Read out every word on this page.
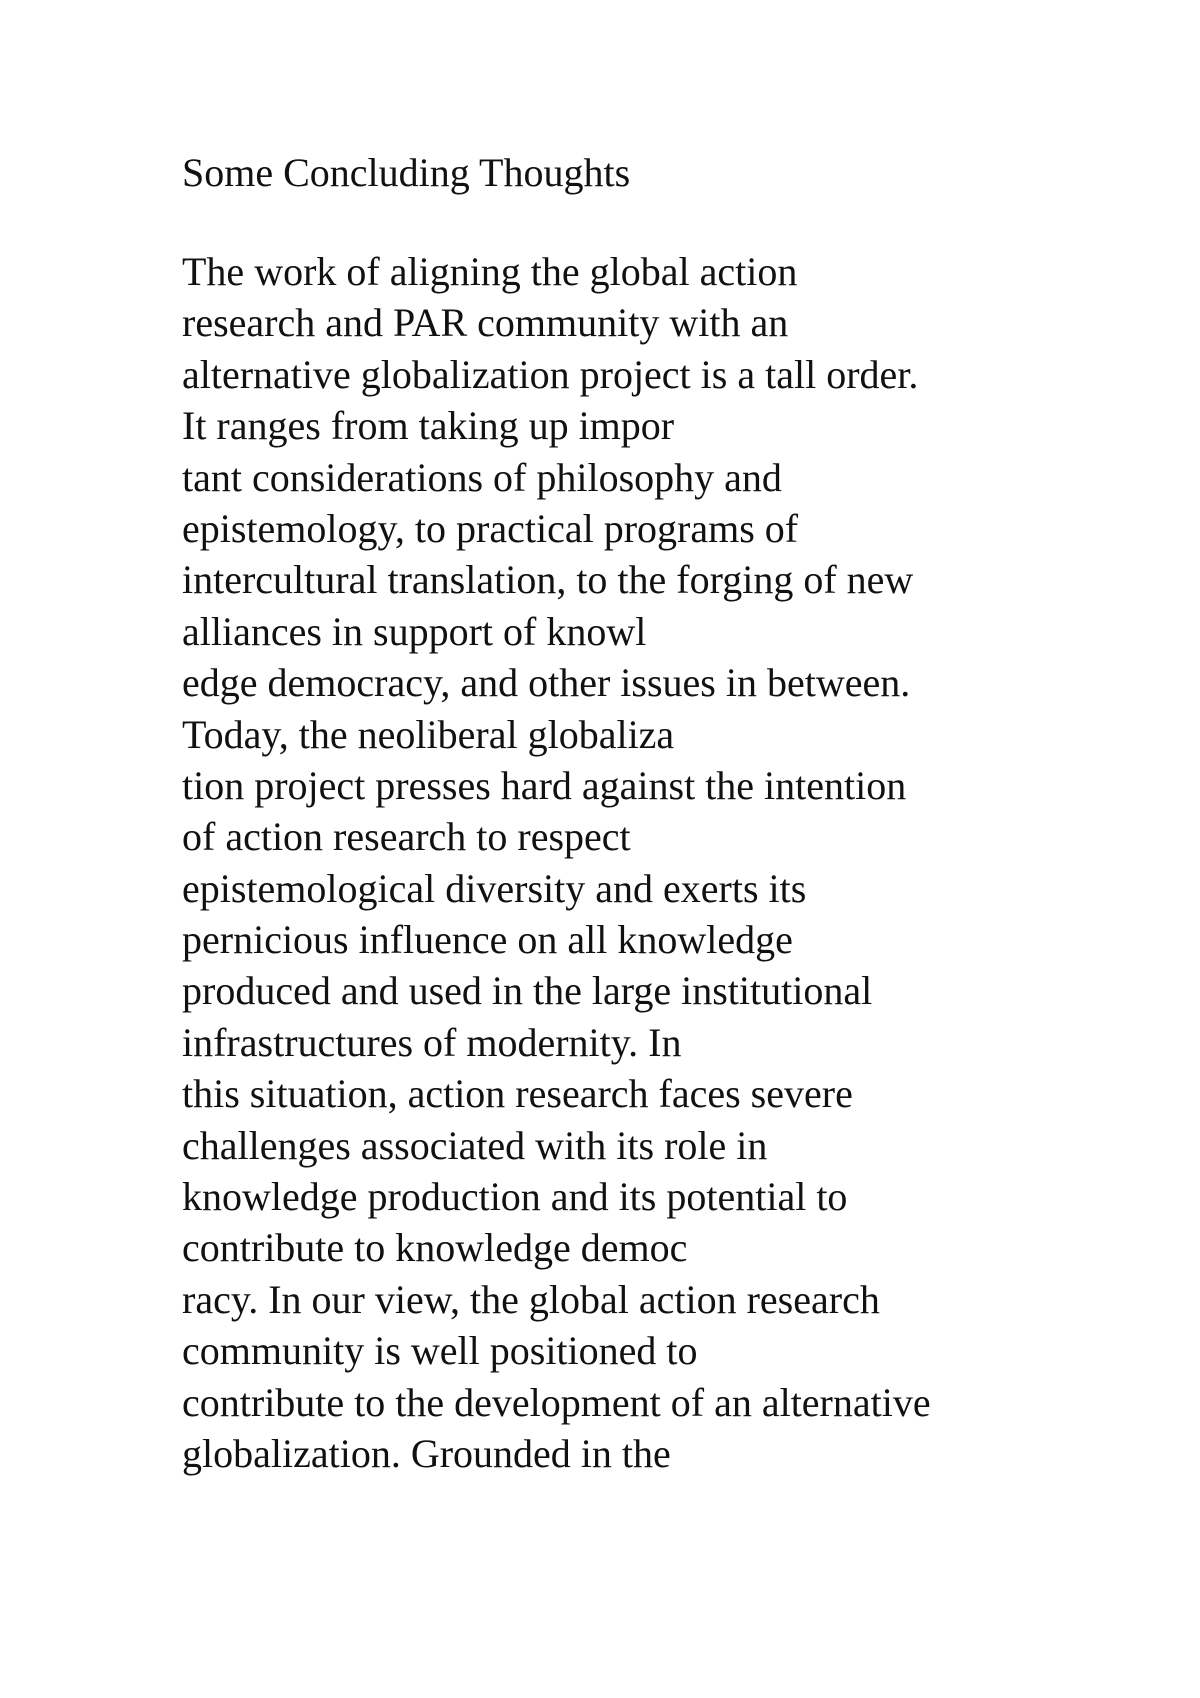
Some Concluding Thoughts
The work of aligning the global action
research and PAR community with an
alternative globalization project is a tall order.
It ranges from taking up impor
tant considerations of philosophy and
epistemology, to practical programs of
intercultural translation, to the forging of new
alliances in support of knowl
edge democracy, and other issues in between.
Today, the neoliberal globaliza
tion project presses hard against the intention
of action research to respect
epistemological diversity and exerts its
pernicious influence on all knowledge
produced and used in the large institutional
infrastructures of modernity. In
this situation, action research faces severe
challenges associated with its role in
knowledge production and its potential to
contribute to knowledge democ
racy. In our view, the global action research
community is well positioned to
contribute to the development of an alternative
globalization. Grounded in the
